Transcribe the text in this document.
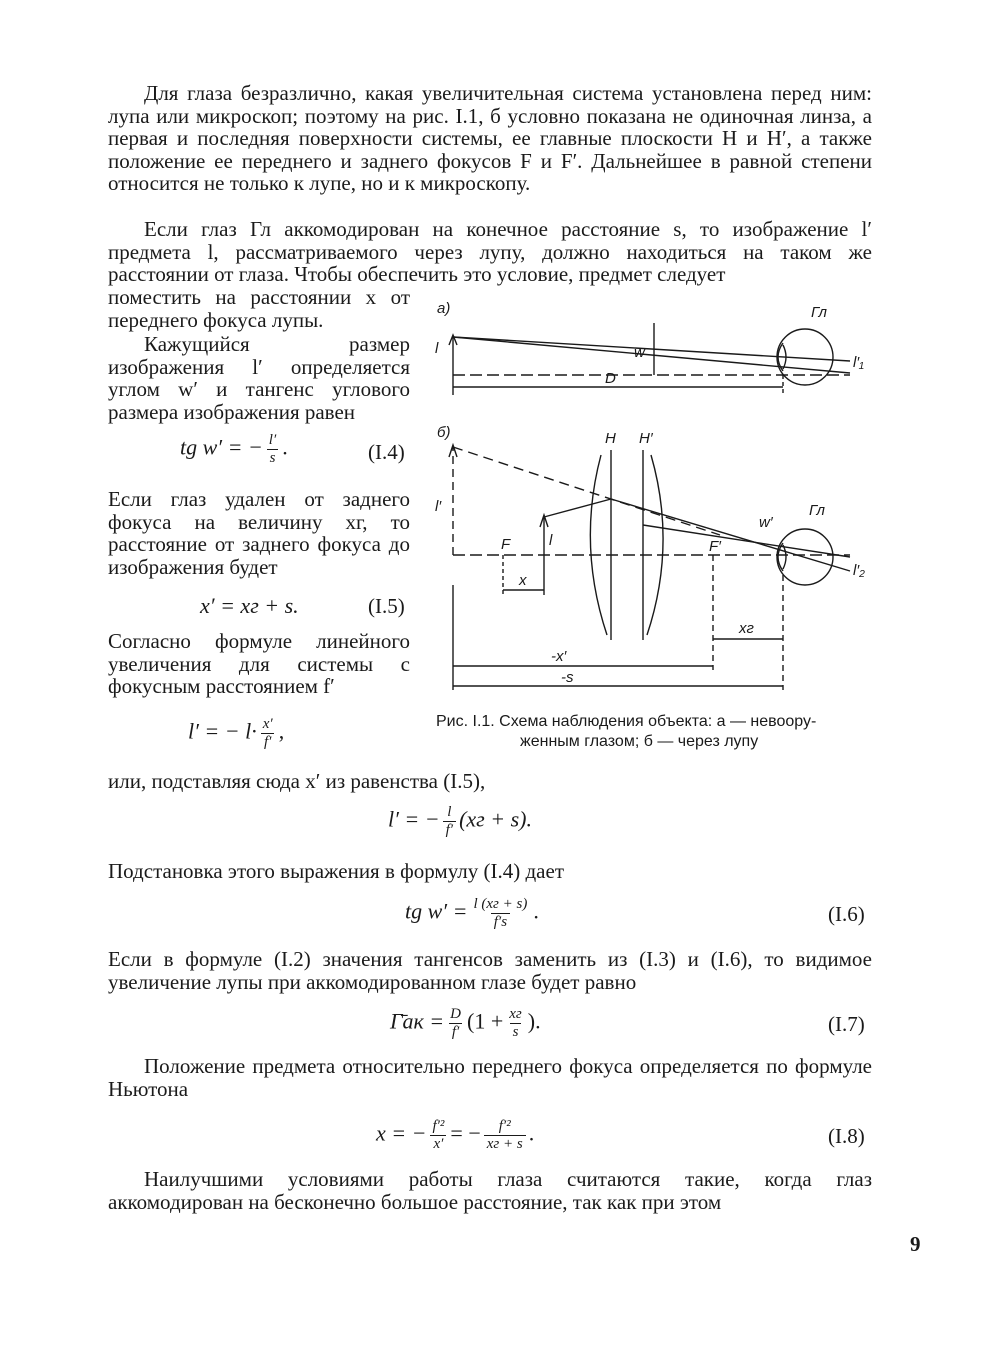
Для глаза безразлично, какая увеличительная система установлена перед ним: лупа или микроскоп; поэтому на рис. I.1, б условно показана не одиночная линза, а первая и последняя поверхности системы, ее главные плоскости H и H′, а также положение ее переднего и заднего фокусов F и F′. Дальнейшее в равной степени относится не только к лупе, но и к микроскопу.
Если глаз Гл аккомодирован на конечное расстояние s, то изображение l′ предмета l, рассматриваемого через лупу, должно находиться на таком же расстоянии от глаза. Чтобы обеспечить это условие, предмет следует
поместить на расстоянии x от переднего фокуса лупы.
Кажущийся размер изображения l′ определяется углом w′ и тангенс углового размера изображения равен
tg w′ = − $\frac{l'}{s}$ .	(I.4)
Если глаз удален от заднего фокуса на величину xг, то расстояние от заднего фокуса до изображения будет
x′ = xг + s.	(I.5)
Согласно формуле линейного увеличения для системы с фокусным расстоянием f′
l′ = − $l\cdot \frac{x'}{f'}$ ,
а)	Гл
l	w
D
l′₁
б)	H H′
l′	Гл
w′
F	l	F′
l′₂
x
xг
-x′
-s
Рис. I.1. Схема наблюдения объекта: а — невоору-
женным глазом; б — через лупу
или, подставляя сюда x′ из равенства (I.5),
l′ = − $\frac{l}{f'} (xг + s)$.
Подстановка этого выражения в формулу (I.4) дает
tg $w' = \frac{l (xг + s)}{f's}$ .	(I.6)
Если в формуле (I.2) значения тангенсов заменить из (I.3) и (I.6), то видимое увеличение лупы при аккомодированном глазе будет равно
Γ̄ак = $\frac{D}{f'} (1 + \frac{xг}{s}$ ).	(I.7)
Положение предмета относительно переднего фокуса определяется по формуле Ньютона
x = − $\frac{\text{f′²}}{x'}$ = − $\frac{\text{f′²}}{xг + s}$ .	(I.8)
Наилучшими условиями работы глаза считаются такие, когда глаз аккомодирован на бесконечно большое расстояние, так как при этом
9
